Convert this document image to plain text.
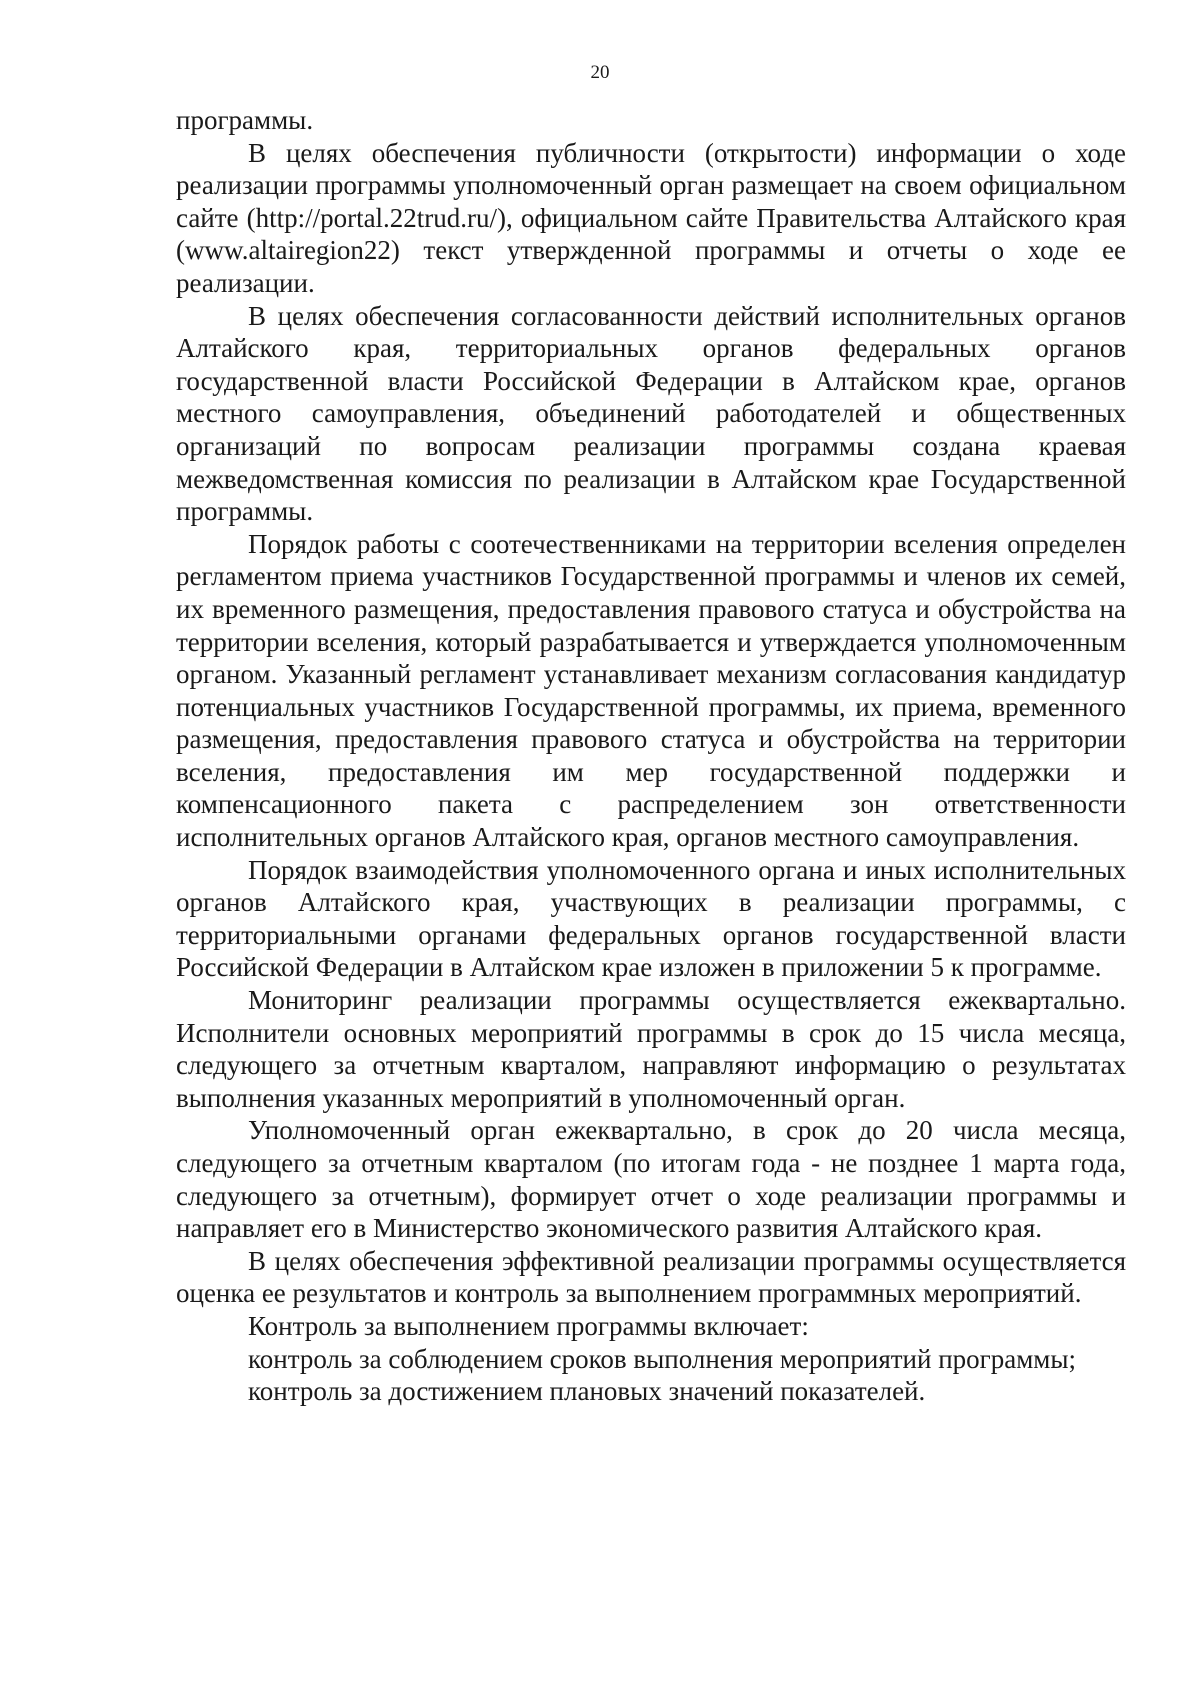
20

программы.

В целях обеспечения публичности (открытости) информации о ходе реализации программы уполномоченный орган размещает на своем официальном сайте (http://portal.22trud.ru/), официальном сайте Правительства Алтайского края (www.altairegion22) текст утвержденной программы и отчеты о ходе ее реализации.

В целях обеспечения согласованности действий исполнительных органов Алтайского края, территориальных органов федеральных органов государственной власти Российской Федерации в Алтайском крае, органов местного самоуправления, объединений работодателей и общественных организаций по вопросам реализации программы создана краевая межведомственная комиссия по реализации в Алтайском крае Государственной программы.

Порядок работы с соотечественниками на территории вселения определен регламентом приема участников Государственной программы и членов их семей, их временного размещения, предоставления правового статуса и обустройства на территории вселения, который разрабатывается и утверждается уполномоченным органом. Указанный регламент устанавливает механизм согласования кандидатур потенциальных участников Государственной программы, их приема, временного размещения, предоставления правового статуса и обустройства на территории вселения, предоставления им мер государственной поддержки и компенсационного пакета с распределением зон ответственности исполнительных органов Алтайского края, органов местного самоуправления.

Порядок взаимодействия уполномоченного органа и иных исполнительных органов Алтайского края, участвующих в реализации программы, с территориальными органами федеральных органов государственной власти Российской Федерации в Алтайском крае изложен в приложении 5 к программе.

Мониторинг реализации программы осуществляется ежеквартально. Исполнители основных мероприятий программы в срок до 15 числа месяца, следующего за отчетным кварталом, направляют информацию о результатах выполнения указанных мероприятий в уполномоченный орган.

Уполномоченный орган ежеквартально, в срок до 20 числа месяца, следующего за отчетным кварталом (по итогам года - не позднее 1 марта года, следующего за отчетным), формирует отчет о ходе реализации программы и направляет его в Министерство экономического развития Алтайского края.

В целях обеспечения эффективной реализации программы осуществляется оценка ее результатов и контроль за выполнением программных мероприятий.

Контроль за выполнением программы включает:

контроль за соблюдением сроков выполнения мероприятий программы;

контроль за достижением плановых значений показателей.
